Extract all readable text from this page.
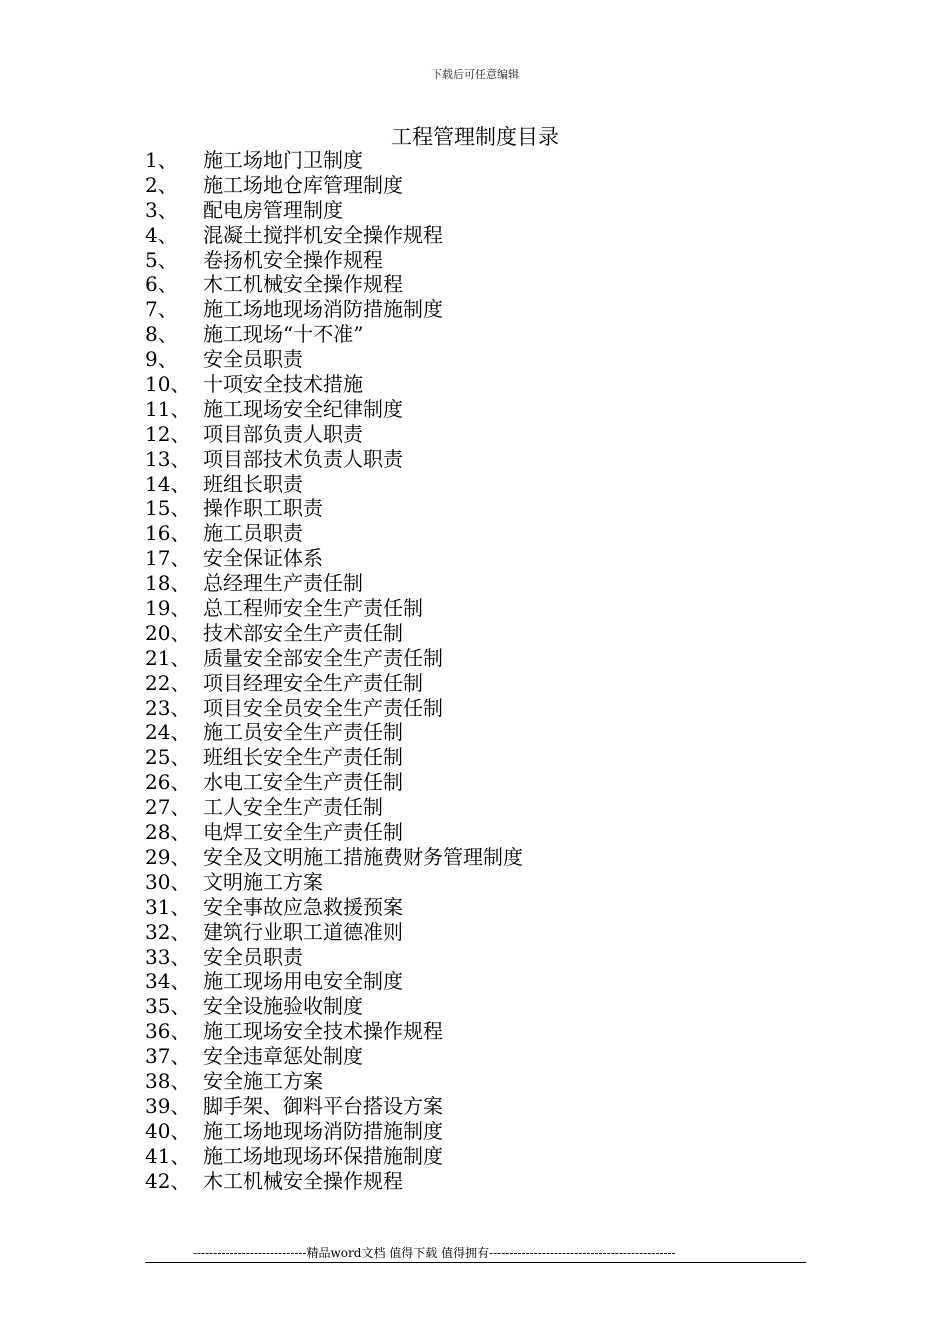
下载后可任意编辑
工程管理制度目录
1、 施工场地门卫制度
2、 施工场地仓库管理制度
3、 配电房管理制度
4、 混凝土搅拌机安全操作规程
5、 卷扬机安全操作规程
6、 木工机械安全操作规程
7、 施工场地现场消防措施制度
8、 施工现场“十不准”
9、 安全员职责
10、 十项安全技术措施
11、 施工现场安全纪律制度
12、 项目部负责人职责
13、 项目部技术负责人职责
14、 班组长职责
15、 操作职工职责
16、 施工员职责
17、 安全保证体系
18、 总经理生产责任制
19、 总工程师安全生产责任制
20、 技术部安全生产责任制
21、 质量安全部安全生产责任制
22、 项目经理安全生产责任制
23、 项目安全员安全生产责任制
24、 施工员安全生产责任制
25、 班组长安全生产责任制
26、 水电工安全生产责任制
27、 工人安全生产责任制
28、 电焊工安全生产责任制
29、 安全及文明施工措施费财务管理制度
30、 文明施工方案
31、 安全事故应急救援预案
32、 建筑行业职工道德准则
33、 安全员职责
34、 施工现场用电安全制度
35、 安全设施验收制度
36、 施工现场安全技术操作规程
37、 安全违章惩处制度
38、 安全施工方案
39、 脚手架、御料平台搭设方案
40、 施工场地现场消防措施制度
41、 施工场地现场环保措施制度
42、 木工机械安全操作规程
----------------------------精品word文档 值得下载 值得拥有----------------------------------------------
